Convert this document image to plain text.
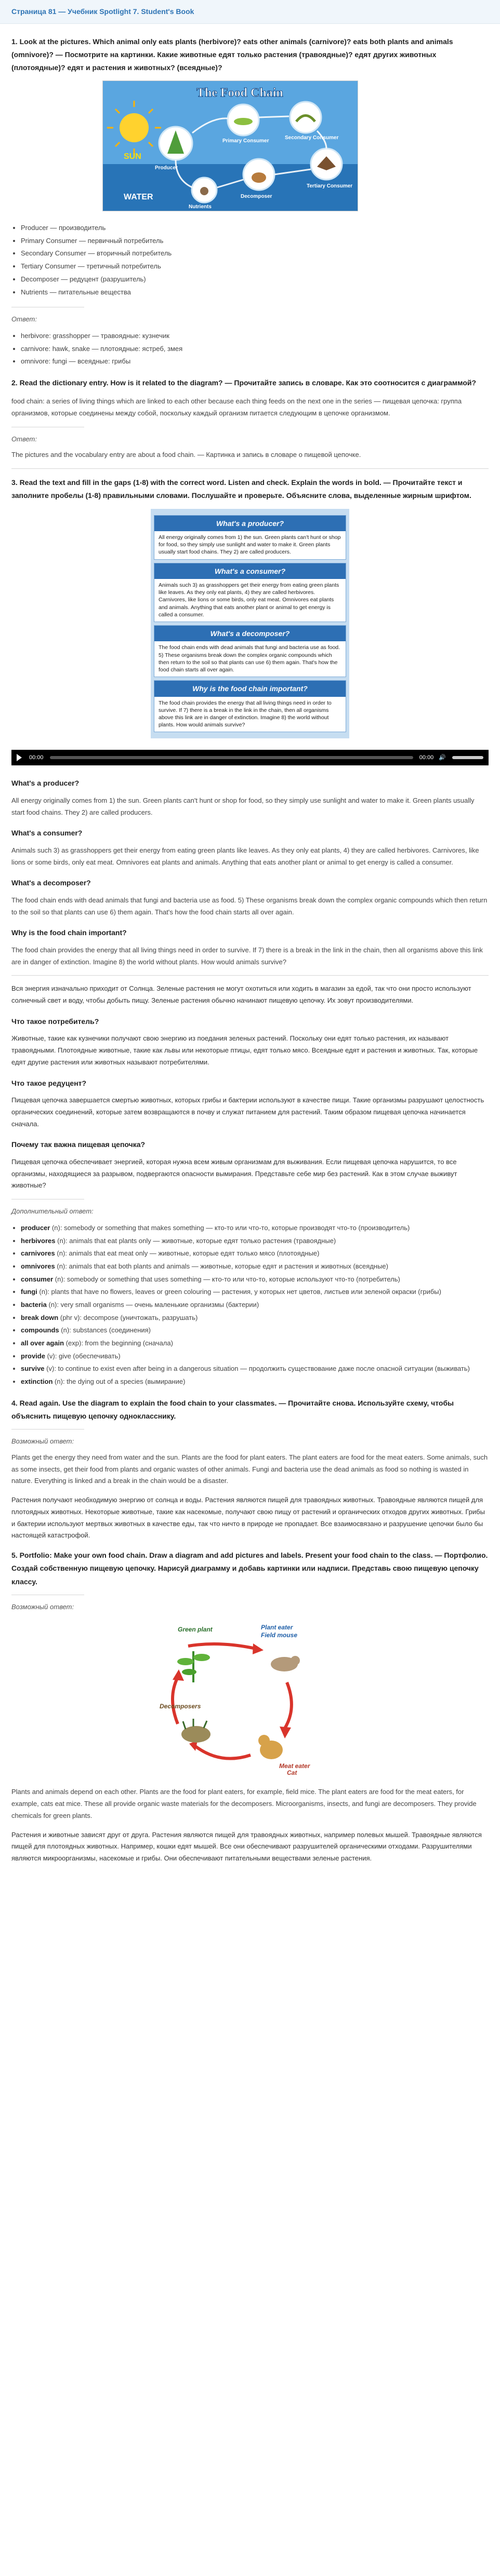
Страница 81 — Учебник Spotlight 7. Student's Book

1. Look at the pictures. Which animal only eats plants (herbivore)? eats other animals (carnivore)? eats both plants and animals (omnivore)? — Посмотрите на картинки. Какие животные едят только растения (травоядные)? едят других животных (плотоядные)? едят и растения и животных? (всеядные)?

SUN
The Food Chain
Producer
Primary Consumer
Secondary Consumer
Tertiary Consumer
Decomposer
Nutrients
WATER
• Producer — производитель
• Primary Consumer — первичный потребитель
• Secondary Consumer — вторичный потребитель
• Tertiary Consumer — третичный потребитель
• Decomposer — редуцент (разрушитель)
• Nutrients — питательные вещества
Ответ:
• herbivore: grasshopper — травоядные: кузнечик
• carnivore: hawk, snake — плотоядные: ястреб, змея
• omnivore: fungi — всеядные: грибы

2. Read the dictionary entry. How is it related to the diagram? — Прочитайте запись в словаре. Как это соотносится с диаграммой?

food chain: a series of living things which are linked to each other because each thing feeds on the next one in the series — пищевая цепочка: группа организмов, которые соединены между собой, поскольку каждый организм питается следующим в цепочке организмом.

Ответ:

The pictures and the vocabulary entry are about a food chain. — Картинка и запись в словаре о пищевой цепочке.

3. Read the text and fill in the gaps (1-8) with the correct word. Listen and check. Explain the words in bold. — Прочитайте текст и заполните пробелы (1-8) правильными словами. Послушайте и проверьте. Объясните слова, выделенные жирным шрифтом.

What's a producer?
All energy originally comes from 1) the sun. Green plants can't hunt or shop for food, so they simply use sunlight and water to make it. Green plants usually start food chains. They 2) are called producers.
What's a consumer?
Animals such 3) as grasshoppers get their energy from eating green plants like leaves. As they only eat plants, 4) they are called herbivores. Carnivores, like lions or some birds, only eat meat. Omnivores eat plants and animals. Anything that eats another plant or animal to get energy is called a consumer.
What's a decomposer?
The food chain ends with dead animals that fungi and bacteria use as food. 5) These organisms break down the complex organic compounds which then return to the soil so that plants can use 6) them again. That's how the food chain starts all over again.
Why is the food chain important?
The food chain provides the energy that all living things need in order to survive. If 7) there is a break in the link in the chain, then all organisms above this link are in danger of extinction. Imagine 8) the world without plants. How would animals survive?
00:00	00:00 🔊
What's a producer?

All energy originally comes from 1) the sun. Green plants can't hunt or shop for food, so they simply use sunlight and water to make it. Green plants usually start food chains. They 2) are called producers.

What's a consumer?

Animals such 3) as grasshoppers get their energy from eating green plants like leaves. As they only eat plants, 4) they are called herbivores. Carnivores, like lions or some birds, only eat meat. Omnivores eat plants and animals. Anything that eats another plant or animal to get energy is called a consumer.

What's a decomposer?

The food chain ends with dead animals that fungi and bacteria use as food. 5) These organisms break down the complex organic compounds which then return to the soil so that plants can use 6) them again. That's how the food chain starts all over again.

Why is the food chain important?

The food chain provides the energy that all living things need in order to survive. If 7) there is a break in the link in the chain, then all organisms above this link are in danger of extinction. Imagine 8) the world without plants. How would animals survive?

Вся энергия изначально приходит от Солнца. Зеленые растения не могут охотиться или ходить в магазин за едой, так что они просто используют солнечный свет и воду, чтобы добыть пищу. Зеленые растения обычно начинают пищевую цепочку. Их зовут производителями.

Что такое потребитель?

Животные, такие как кузнечики получают свою энергию из поедания зеленых растений. Поскольку они едят только растения, их называют травоядными. Плотоядные животные, такие как львы или некоторые птицы, едят только мясо. Всеядные едят и растения и животных. Так, которые едят другие растения или животных называют потребителями.

Что такое редуцент?

Пищевая цепочка завершается смертью животных, которых грибы и бактерии используют в качестве пищи. Такие организмы разрушают целостность органических соединений, которые затем возвращаются в почву и служат питанием для растений. Таким образом пищевая цепочка начинается сначала.

Почему так важна пищевая цепочка?

Пищевая цепочка обеспечивает энергией, которая нужна всем живым организмам для выживания. Если пищевая цепочка нарушится, то все организмы, находящиеся за разрывом, подвергаются опасности вымирания. Представьте себе мир без растений. Как в этом случае выживут животные?

Дополнительный ответ:
• producer (n): somebody or something that makes something — кто-то или что-то, которые производят что-то (производитель)
• herbivores (n): animals that eat plants only — животные, которые едят только растения (травоядные)
• carnivores (n): animals that eat meat only — животные, которые едят только мясо (плотоядные)
• omnivores (n): animals that eat both plants and animals — животные, которые едят и растения и животных (всеядные)
• consumer (n): somebody or something that uses something — кто-то или что-то, которые используют что-то (потребитель)
• fungi (n): plants that have no flowers, leaves or green colouring — растения, у которых нет цветов, листьев или зеленой окраски (грибы)
• bacteria (n): very small organisms — очень маленькие организмы (бактерии)
• break down (phr v): decompose (уничтожать, разрушать)
• compounds (n): substances (соединения)
• all over again (exp): from the beginning (сначала)
• provide (v): give (обеспечивать)
• survive (v): to continue to exist even after being in a dangerous situation — продолжить существование даже после опасной ситуации (выживать)
• extinction (n): the dying out of a species (вымирание)

4. Read again. Use the diagram to explain the food chain to your classmates. — Прочитайте снова. Используйте схему, чтобы объяснить пищевую цепочку однокласснику.

Возможный ответ:

Plants get the energy they need from water and the sun. Plants are the food for plant eaters. The plant eaters are food for the meat eaters. Some animals, such as some insects, get their food from plants and organic wastes of other animals. Fungi and bacteria use the dead animals as food so nothing is wasted in nature. Everything is linked and a break in the chain would be a disaster.

Растения получают необходимую энергию от солнца и воды. Растения являются пищей для травоядных животных. Травоядные являются пищей для плотоядных животных. Некоторые животные, такие как насекомые, получают свою пищу от растений и органических отходов других животных. Грибы и бактерии используют мертвых животных в качестве еды, так что ничто в природе не пропадает. Все взаимосвязано и разрушение цепочки было бы настоящей катастрофой.

5. Portfolio: Make your own food chain. Draw a diagram and add pictures and labels. Present your food chain to the class. — Портфолио. Создай собственную пищевую цепочку. Нарисуй диаграмму и добавь картинки или надписи. Представь свою пищевую цепочку классу.

Возможный ответ:
Green plant	Plant eater
Field mouse
Decomposers
Meat eater
Cat

Plants and animals depend on each other. Plants are the food for plant eaters, for example, field mice. The plant eaters are food for the meat eaters, for example, cats eat mice. These all provide organic waste materials for the decomposers. Microorganisms, insects, and fungi are decomposers. They provide chemicals for green plants.

Растения и животные зависят друг от друга. Растения являются пищей для травоядных животных, например полевых мышей. Травоядные являются пищей для плотоядных животных. Например, кошки едят мышей. Все они обеспечивают разрушителей органическими отходами. Разрушителями являются микроорганизмы, насекомые и грибы. Они обеспечивают питательными веществами зеленые растения.
